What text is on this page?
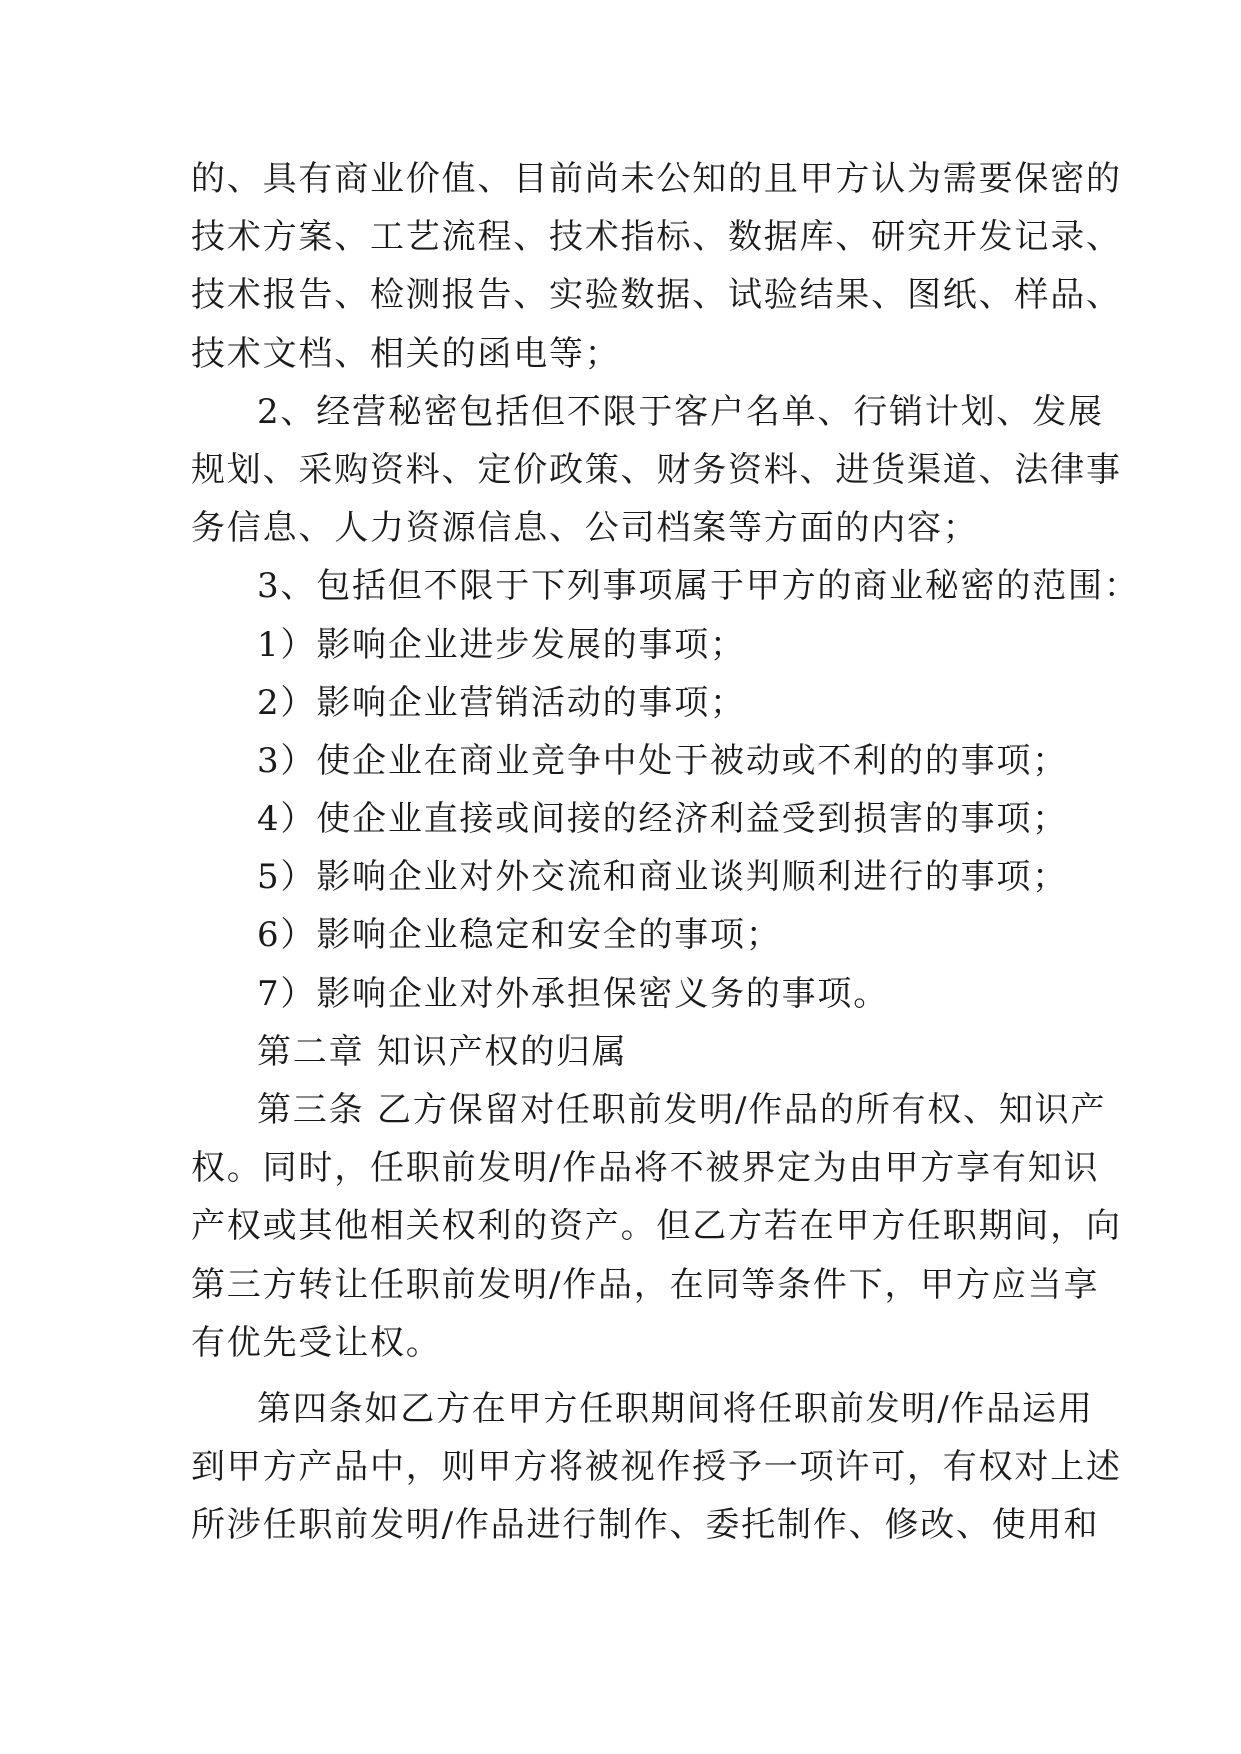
的、具有商业价值、目前尚未公知的且甲方认为需要保密的
技术方案、工艺流程、技术指标、数据库、研究开发记录、
技术报告、检测报告、实验数据、试验结果、图纸、样品、
技术文档、相关的函电等；
2、经营秘密包括但不限于客户名单、行销计划、发展
规划、采购资料、定价政策、财务资料、进货渠道、法律事
务信息、人力资源信息、公司档案等方面的内容；
3、包括但不限于下列事项属于甲方的商业秘密的范围：
1）影响企业进步发展的事项；
2）影响企业营销活动的事项；
3）使企业在商业竞争中处于被动或不利的的事项；
4）使企业直接或间接的经济利益受到损害的事项；
5）影响企业对外交流和商业谈判顺利进行的事项；
6）影响企业稳定和安全的事项；
7）影响企业对外承担保密义务的事项。
第二章 知识产权的归属
第三条 乙方保留对任职前发明/作品的所有权、知识产
权。同时，任职前发明/作品将不被界定为由甲方享有知识
产权或其他相关权利的资产。但乙方若在甲方任职期间，向
第三方转让任职前发明/作品，在同等条件下，甲方应当享
有优先受让权。
第四条如乙方在甲方任职期间将任职前发明/作品运用
到甲方产品中，则甲方将被视作授予一项许可，有权对上述
所涉任职前发明/作品进行制作、委托制作、修改、使用和
